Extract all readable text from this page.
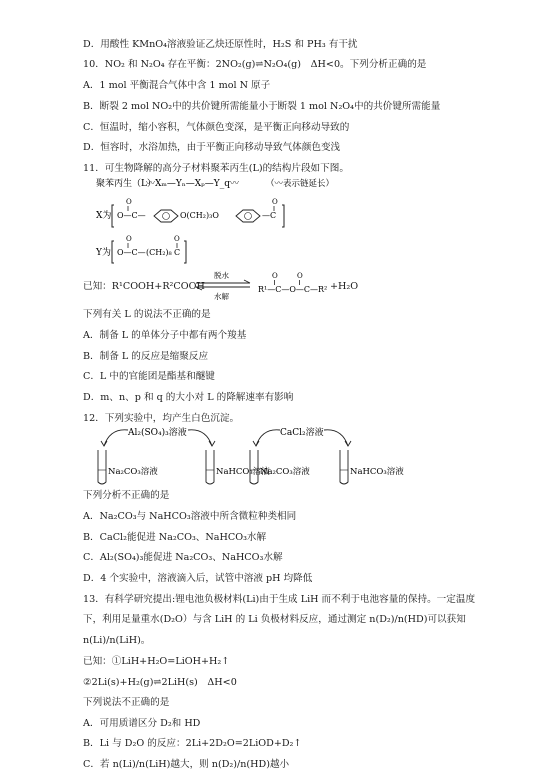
D．用酸性 KMnO₄溶液验证乙炔还原性时，H₂S 和 PH₃ 有干扰
10．NO₂ 和 N₂O₄ 存在平衡：2NO₂(g)⇌N₂O₄(g)　ΔH<0。下列分析正确的是
A．1 mol 平衡混合气体中含 1 mol N 原子
B．断裂 2 mol NO₂中的共价键所需能量小于断裂 1 mol N₂O₄中的共价键所需能量
C．恒温时，缩小容积，气体颜色变深，是平衡正向移动导致的
D．恒容时，水浴加热，由于平衡正向移动导致气体颜色变浅
11．可生物降解的高分子材料聚苯丙生(L)的结构片段如下图。
聚苯丙生（L）
〰Xₘ—Yₙ—Xₚ—Y_q〰	（〰表示链延长）
X为 O—C—
O
O(CH₂)₃O	—C
O
Y为 O—C—
O
(CH₂)₈ C
O
已知：R¹COOH+R²COOH
脱水
水解
O	O
R¹—C—O—C—R² +H₂O
下列有关 L 的说法不正确的是
A．制备 L 的单体分子中都有两个羧基
B．制备 L 的反应是缩聚反应
C．L 中的官能团是酯基和醚键
D．m、n、p 和 q 的大小对 L 的降解速率有影响
12．下列实验中，均产生白色沉淀。
Al₂(SO₄)₃溶液	CaCl₂溶液
Na₂CO₃溶液	NaHCO₃溶液
Na₂CO₃溶液	NaHCO₃溶液
下列分析不正确的是
A．Na₂CO₃与 NaHCO₃溶液中所含微粒种类相同
B．CaCl₂能促进 Na₂CO₃、NaHCO₃水解
C．Al₂(SO₄)₃能促进 Na₂CO₃、NaHCO₃水解
D．4 个实验中，溶液滴入后，试管中溶液 pH 均降低
13．有科学研究提出:锂电池负极材料(Li)由于生成 LiH 而不利于电池容量的保持。一定温度
下，利用足量重水(D₂O）与含 LiH 的 Li 负极材料反应，通过测定 n(D₂)/n(HD)可以获知
n(Li)/n(LiH)。
已知：①LiH+H₂O=LiOH+H₂↑
②2Li(s)+H₂(g)⇌2LiH(s)　ΔH<0
下列说法不正确的是
A．可用质谱区分 D₂和 HD
B．Li 与 D₂O 的反应：2Li+2D₂O=2LiOD+D₂↑
C．若 n(Li)/n(LiH)越大，则 n(D₂)/n(HD)越小
